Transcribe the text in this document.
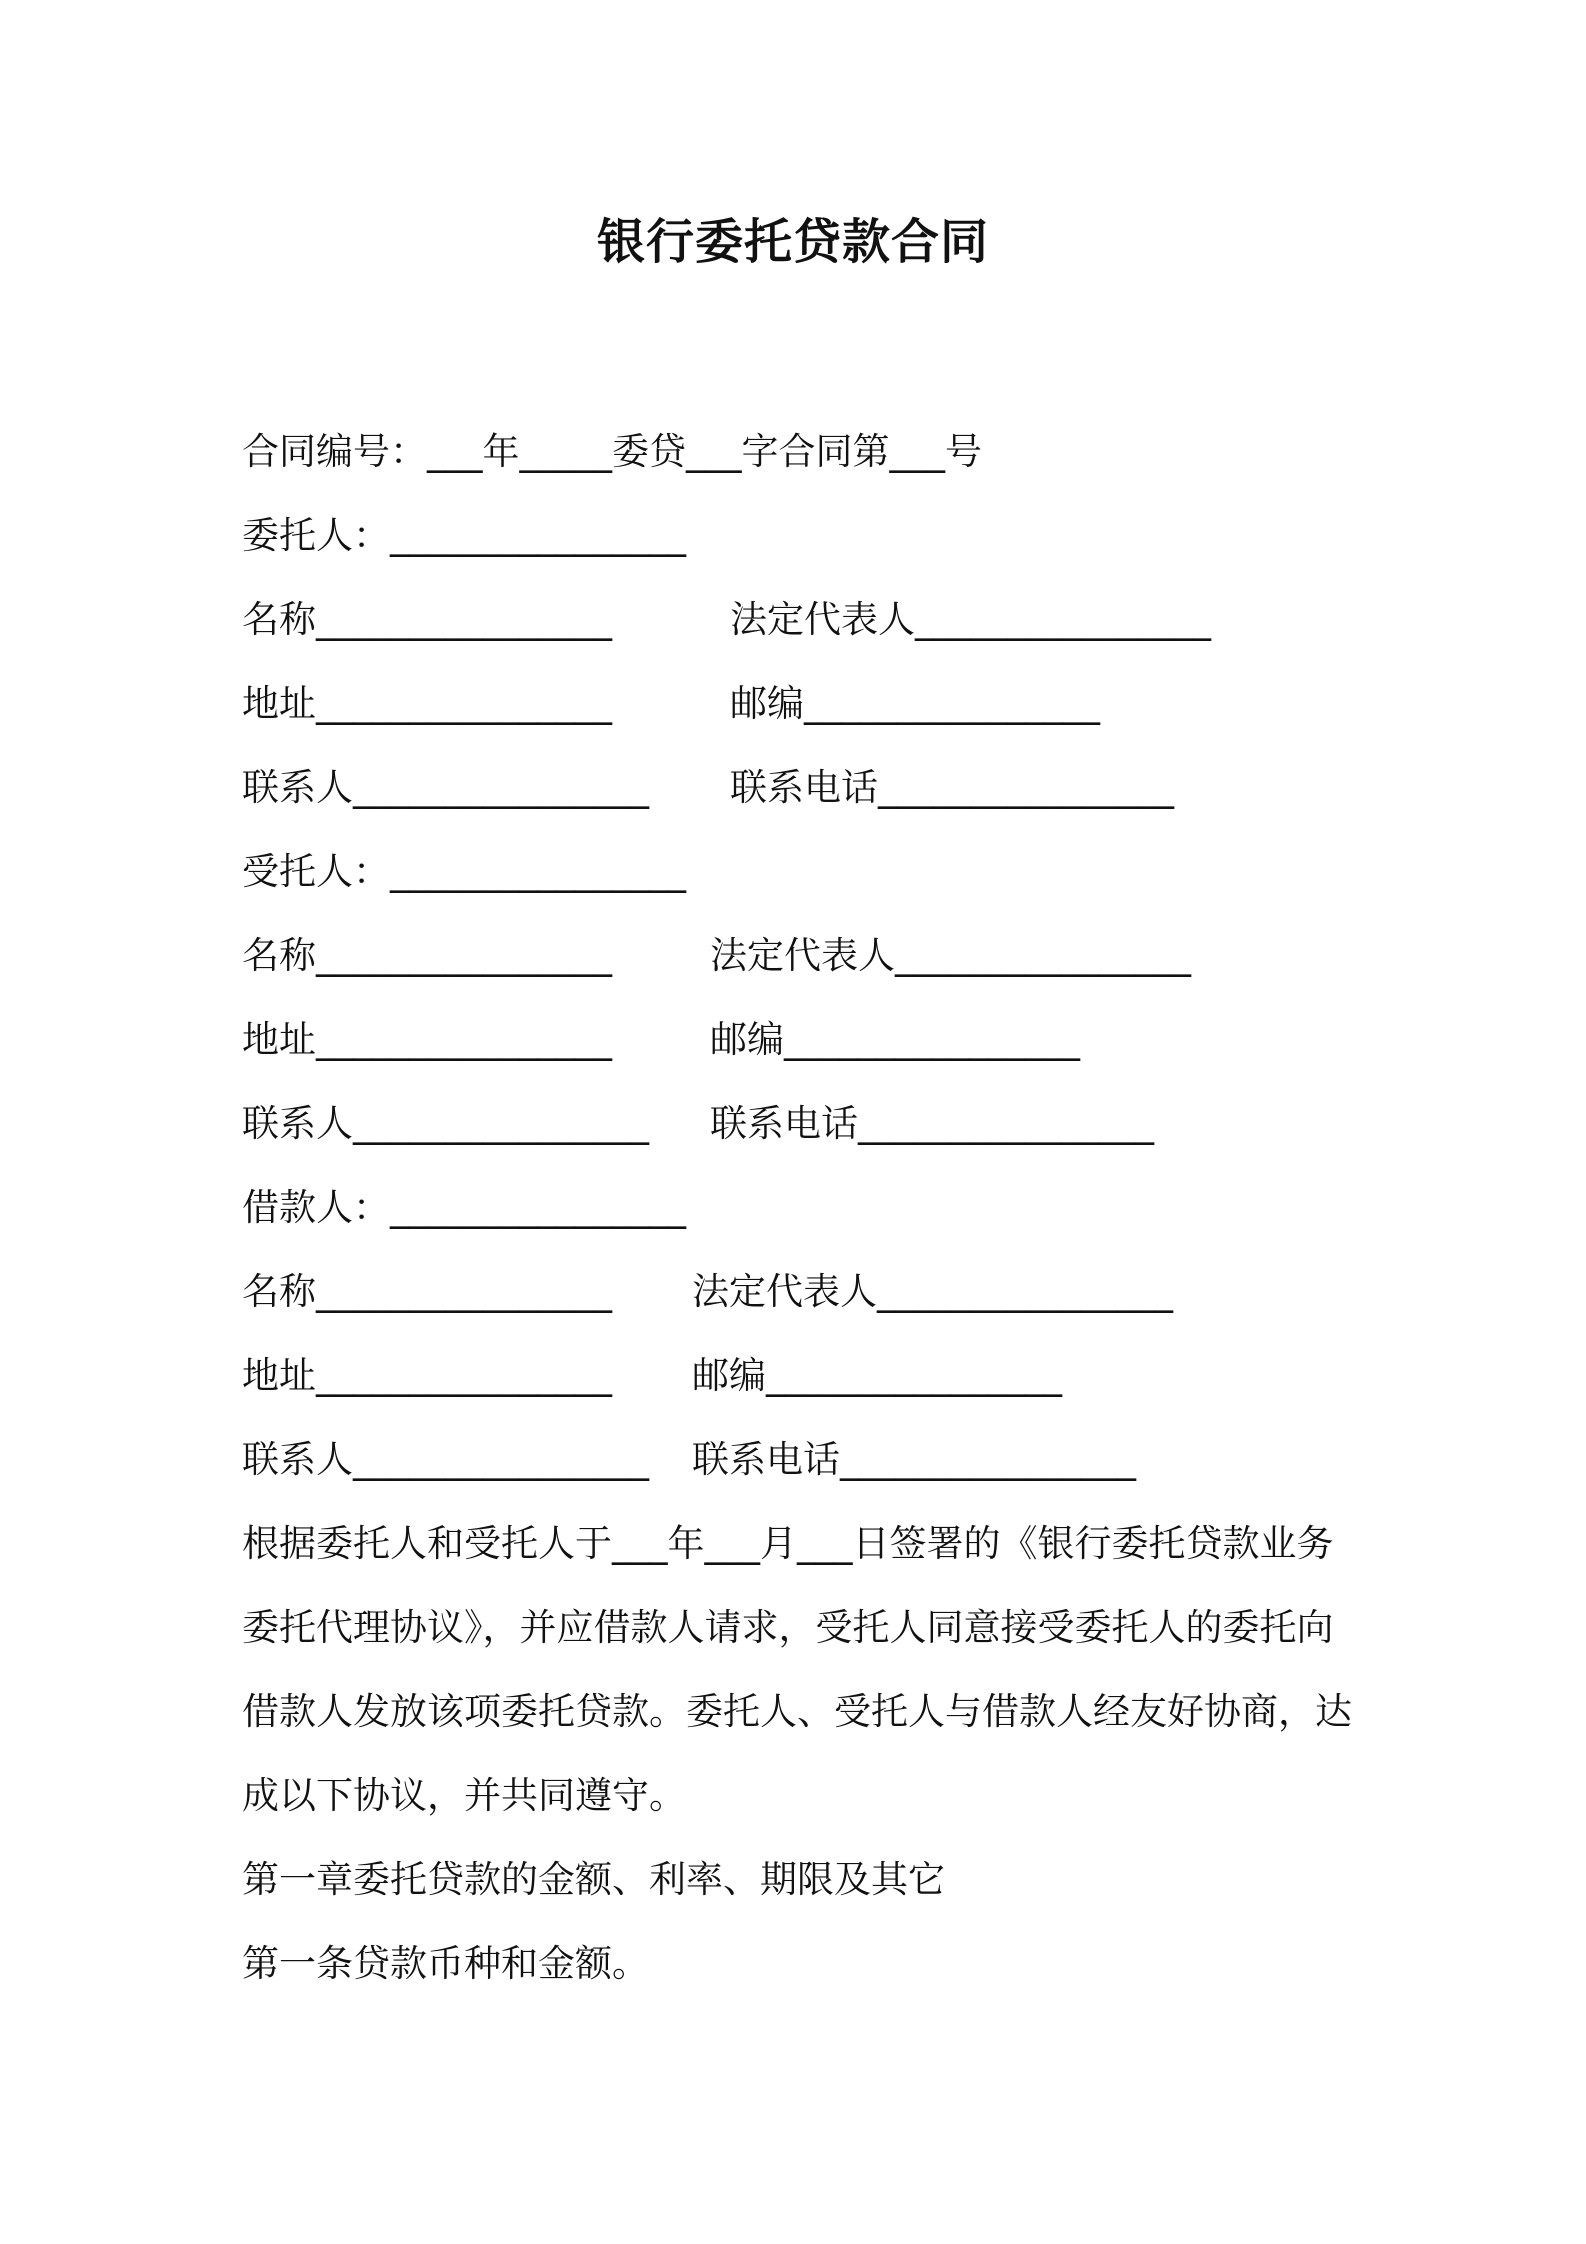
银行委托贷款合同
合同编号：___年_____委贷___字合同第___号
委托人：________________
名称________________	法定代表人________________
地址________________	邮编________________
联系人________________ 联系电话________________
受托人：________________
名称________________	法定代表人________________
地址________________	邮编________________
联系人________________ 联系电话________________
借款人：________________
名称________________ 法定代表人________________
地址________________ 邮编________________
联系人________________ 联系电话________________
根据委托人和受托人于___年___月___日签署的《银行委托贷款业务
委托代理协议》，并应借款人请求，受托人同意接受委托人的委托向
借款人发放该项委托贷款。委托人、受托人与借款人经友好协商，达
成以下协议，并共同遵守。
第一章委托贷款的金额、利率、期限及其它
第一条贷款币种和金额。
